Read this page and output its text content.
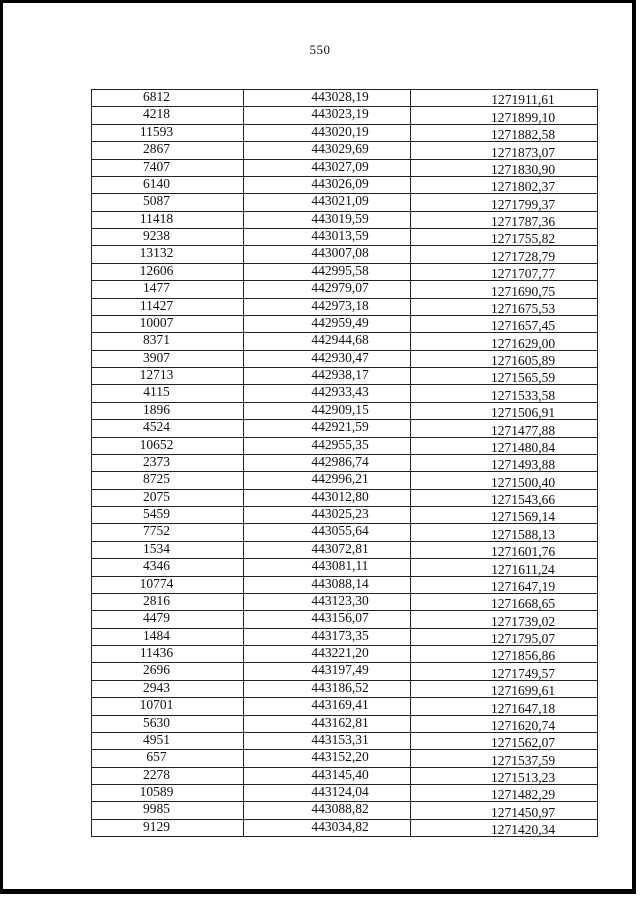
550
6812	443028,19	1271911,61
4218	443023,19	1271899,10
11593	443020,19	1271882,58
2867	443029,69	1271873,07
7407	443027,09	1271830,90
6140	443026,09	1271802,37
5087	443021,09	1271799,37
11418	443019,59	1271787,36
9238	443013,59	1271755,82
13132	443007,08	1271728,79
12606	442995,58	1271707,77
1477	442979,07	1271690,75
11427	442973,18	1271675,53
10007	442959,49	1271657,45
8371	442944,68	1271629,00
3907	442930,47	1271605,89
12713	442938,17	1271565,59
4115	442933,43	1271533,58
1896	442909,15	1271506,91
4524	442921,59	1271477,88
10652	442955,35	1271480,84
2373	442986,74	1271493,88
8725	442996,21	1271500,40
2075	443012,80	1271543,66
5459	443025,23	1271569,14
7752	443055,64	1271588,13
1534	443072,81	1271601,76
4346	443081,11	1271611,24
10774	443088,14	1271647,19
2816	443123,30	1271668,65
4479	443156,07	1271739,02
1484	443173,35	1271795,07
11436	443221,20	1271856,86
2696	443197,49	1271749,57
2943	443186,52	1271699,61
10701	443169,41	1271647,18
5630	443162,81	1271620,74
4951	443153,31	1271562,07
657	443152,20	1271537,59
2278	443145,40	1271513,23
10589	443124,04	1271482,29
9985	443088,82	1271450,97
9129	443034,82	1271420,34
